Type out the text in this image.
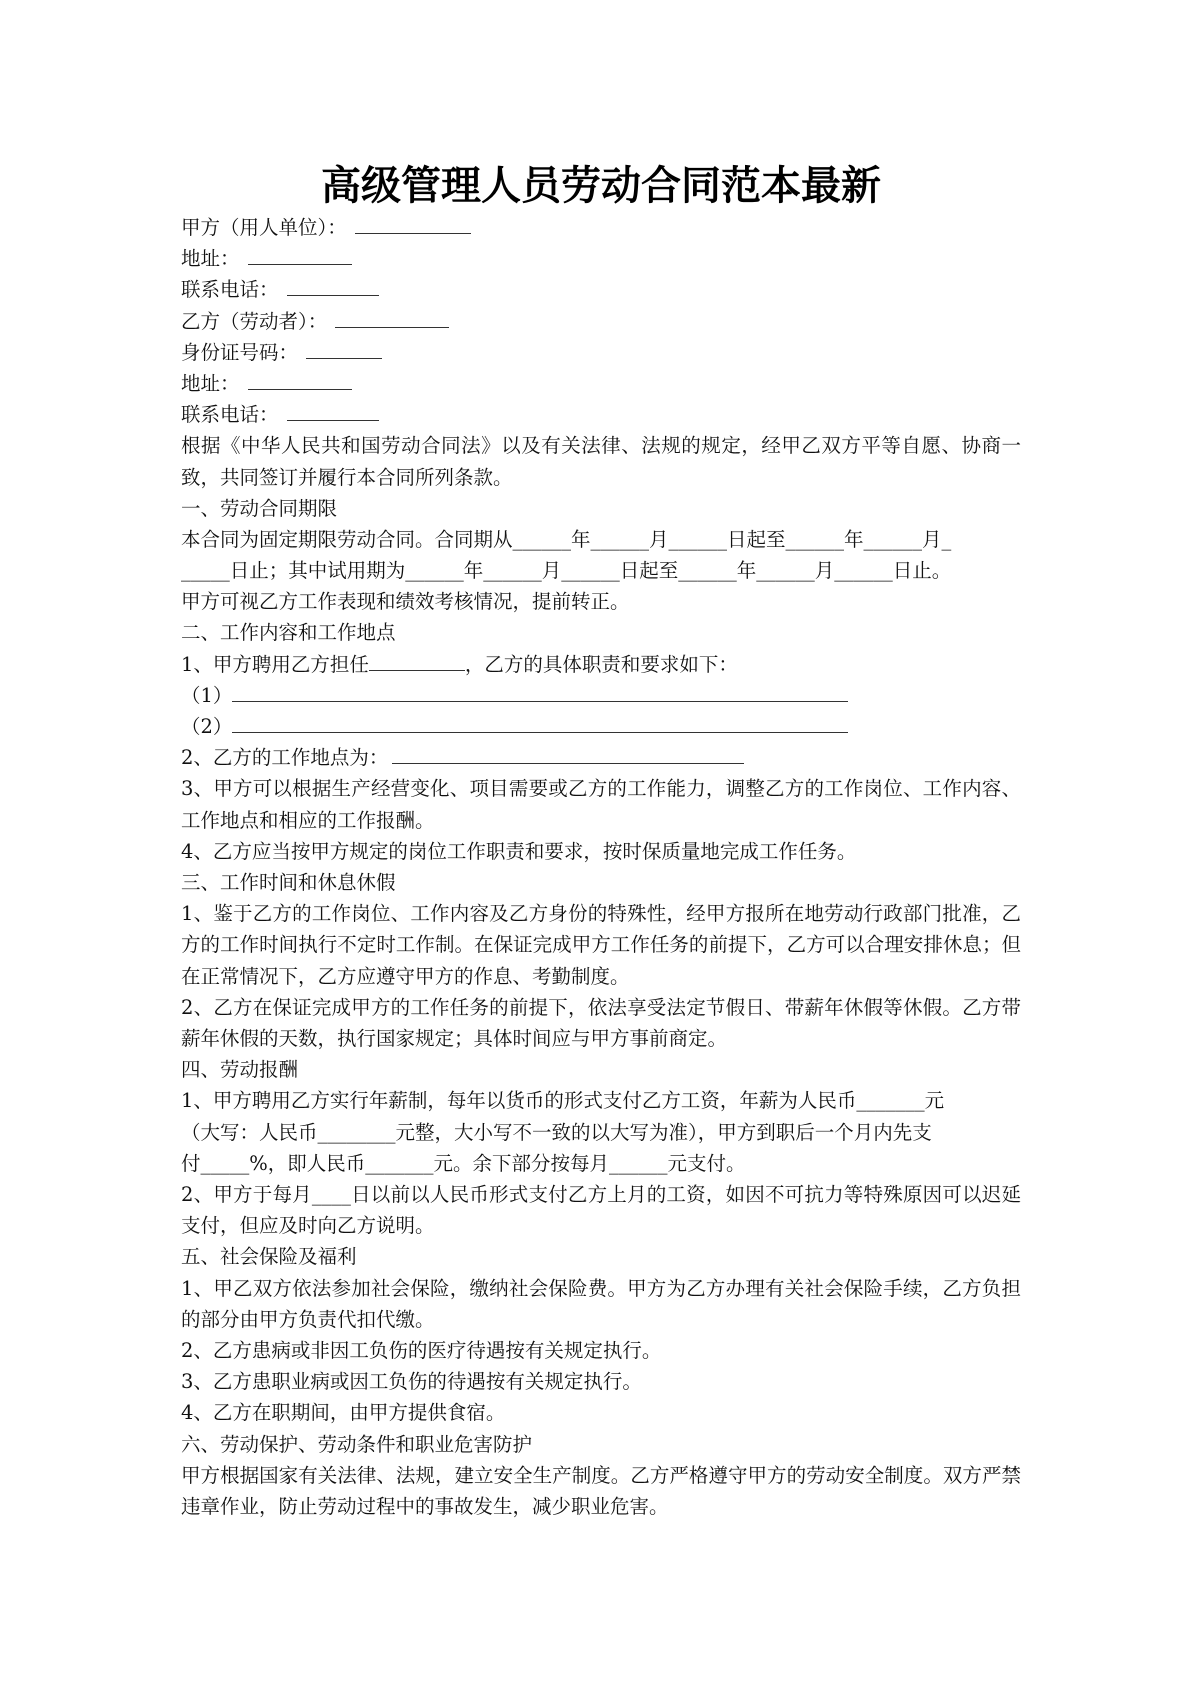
高级管理人员劳动合同范本最新
甲方（用人单位）：
地址：
联系电话：
乙方（劳动者）：
身份证号码：
地址：
联系电话：

根据《中华人民共和国劳动合同法》以及有关法律、法规的规定，经甲乙双方平等自愿、协商一致，共同签订并履行本合同所列条款。

一、劳动合同期限
本合同为固定期限劳动合同。合同期从______年______月______日起至______年______月_
_____日止；其中试用期为______年______月______日起至______年______月______日止。
甲方可视乙方工作表现和绩效考核情况，提前转正。
二、工作内容和工作地点
1、甲方聘用乙方担任	，乙方的具体职责和要求如下：
（1）
（2）
2、乙方的工作地点为：

3、甲方可以根据生产经营变化、项目需要或乙方的工作能力，调整乙方的工作岗位、工作内容、工作地点和相应的工作报酬。

4、乙方应当按甲方规定的岗位工作职责和要求，按时保质量地完成工作任务。
三、工作时间和休息休假

1、鉴于乙方的工作岗位、工作内容及乙方身份的特殊性，经甲方报所在地劳动行政部门批准，乙方的工作时间执行不定时工作制。在保证完成甲方工作任务的前提下，乙方可以合理安排休息；但在正常情况下，乙方应遵守甲方的作息、考勤制度。

2、乙方在保证完成甲方的工作任务的前提下，依法享受法定节假日、带薪年休假等休假。乙方带薪年休假的天数，执行国家规定；具体时间应与甲方事前商定。

四、劳动报酬
1、甲方聘用乙方实行年薪制，每年以货币的形式支付乙方工资，年薪为人民币_______元
（大写：人民币________元整，大小写不一致的以大写为准），甲方到职后一个月内先支
付_____%，即人民币_______元。余下部分按每月______元支付。

2、甲方于每月____日以前以人民币形式支付乙方上月的工资，如因不可抗力等特殊原因可以迟延支付，但应及时向乙方说明。

五、社会保险及福利

1、甲乙双方依法参加社会保险，缴纳社会保险费。甲方为乙方办理有关社会保险手续，乙方负担的部分由甲方负责代扣代缴。

2、乙方患病或非因工负伤的医疗待遇按有关规定执行。
3、乙方患职业病或因工负伤的待遇按有关规定执行。
4、乙方在职期间，由甲方提供食宿。
六、劳动保护、劳动条件和职业危害防护

甲方根据国家有关法律、法规，建立安全生产制度。乙方严格遵守甲方的劳动安全制度。双方严禁违章作业，防止劳动过程中的事故发生，减少职业危害。
